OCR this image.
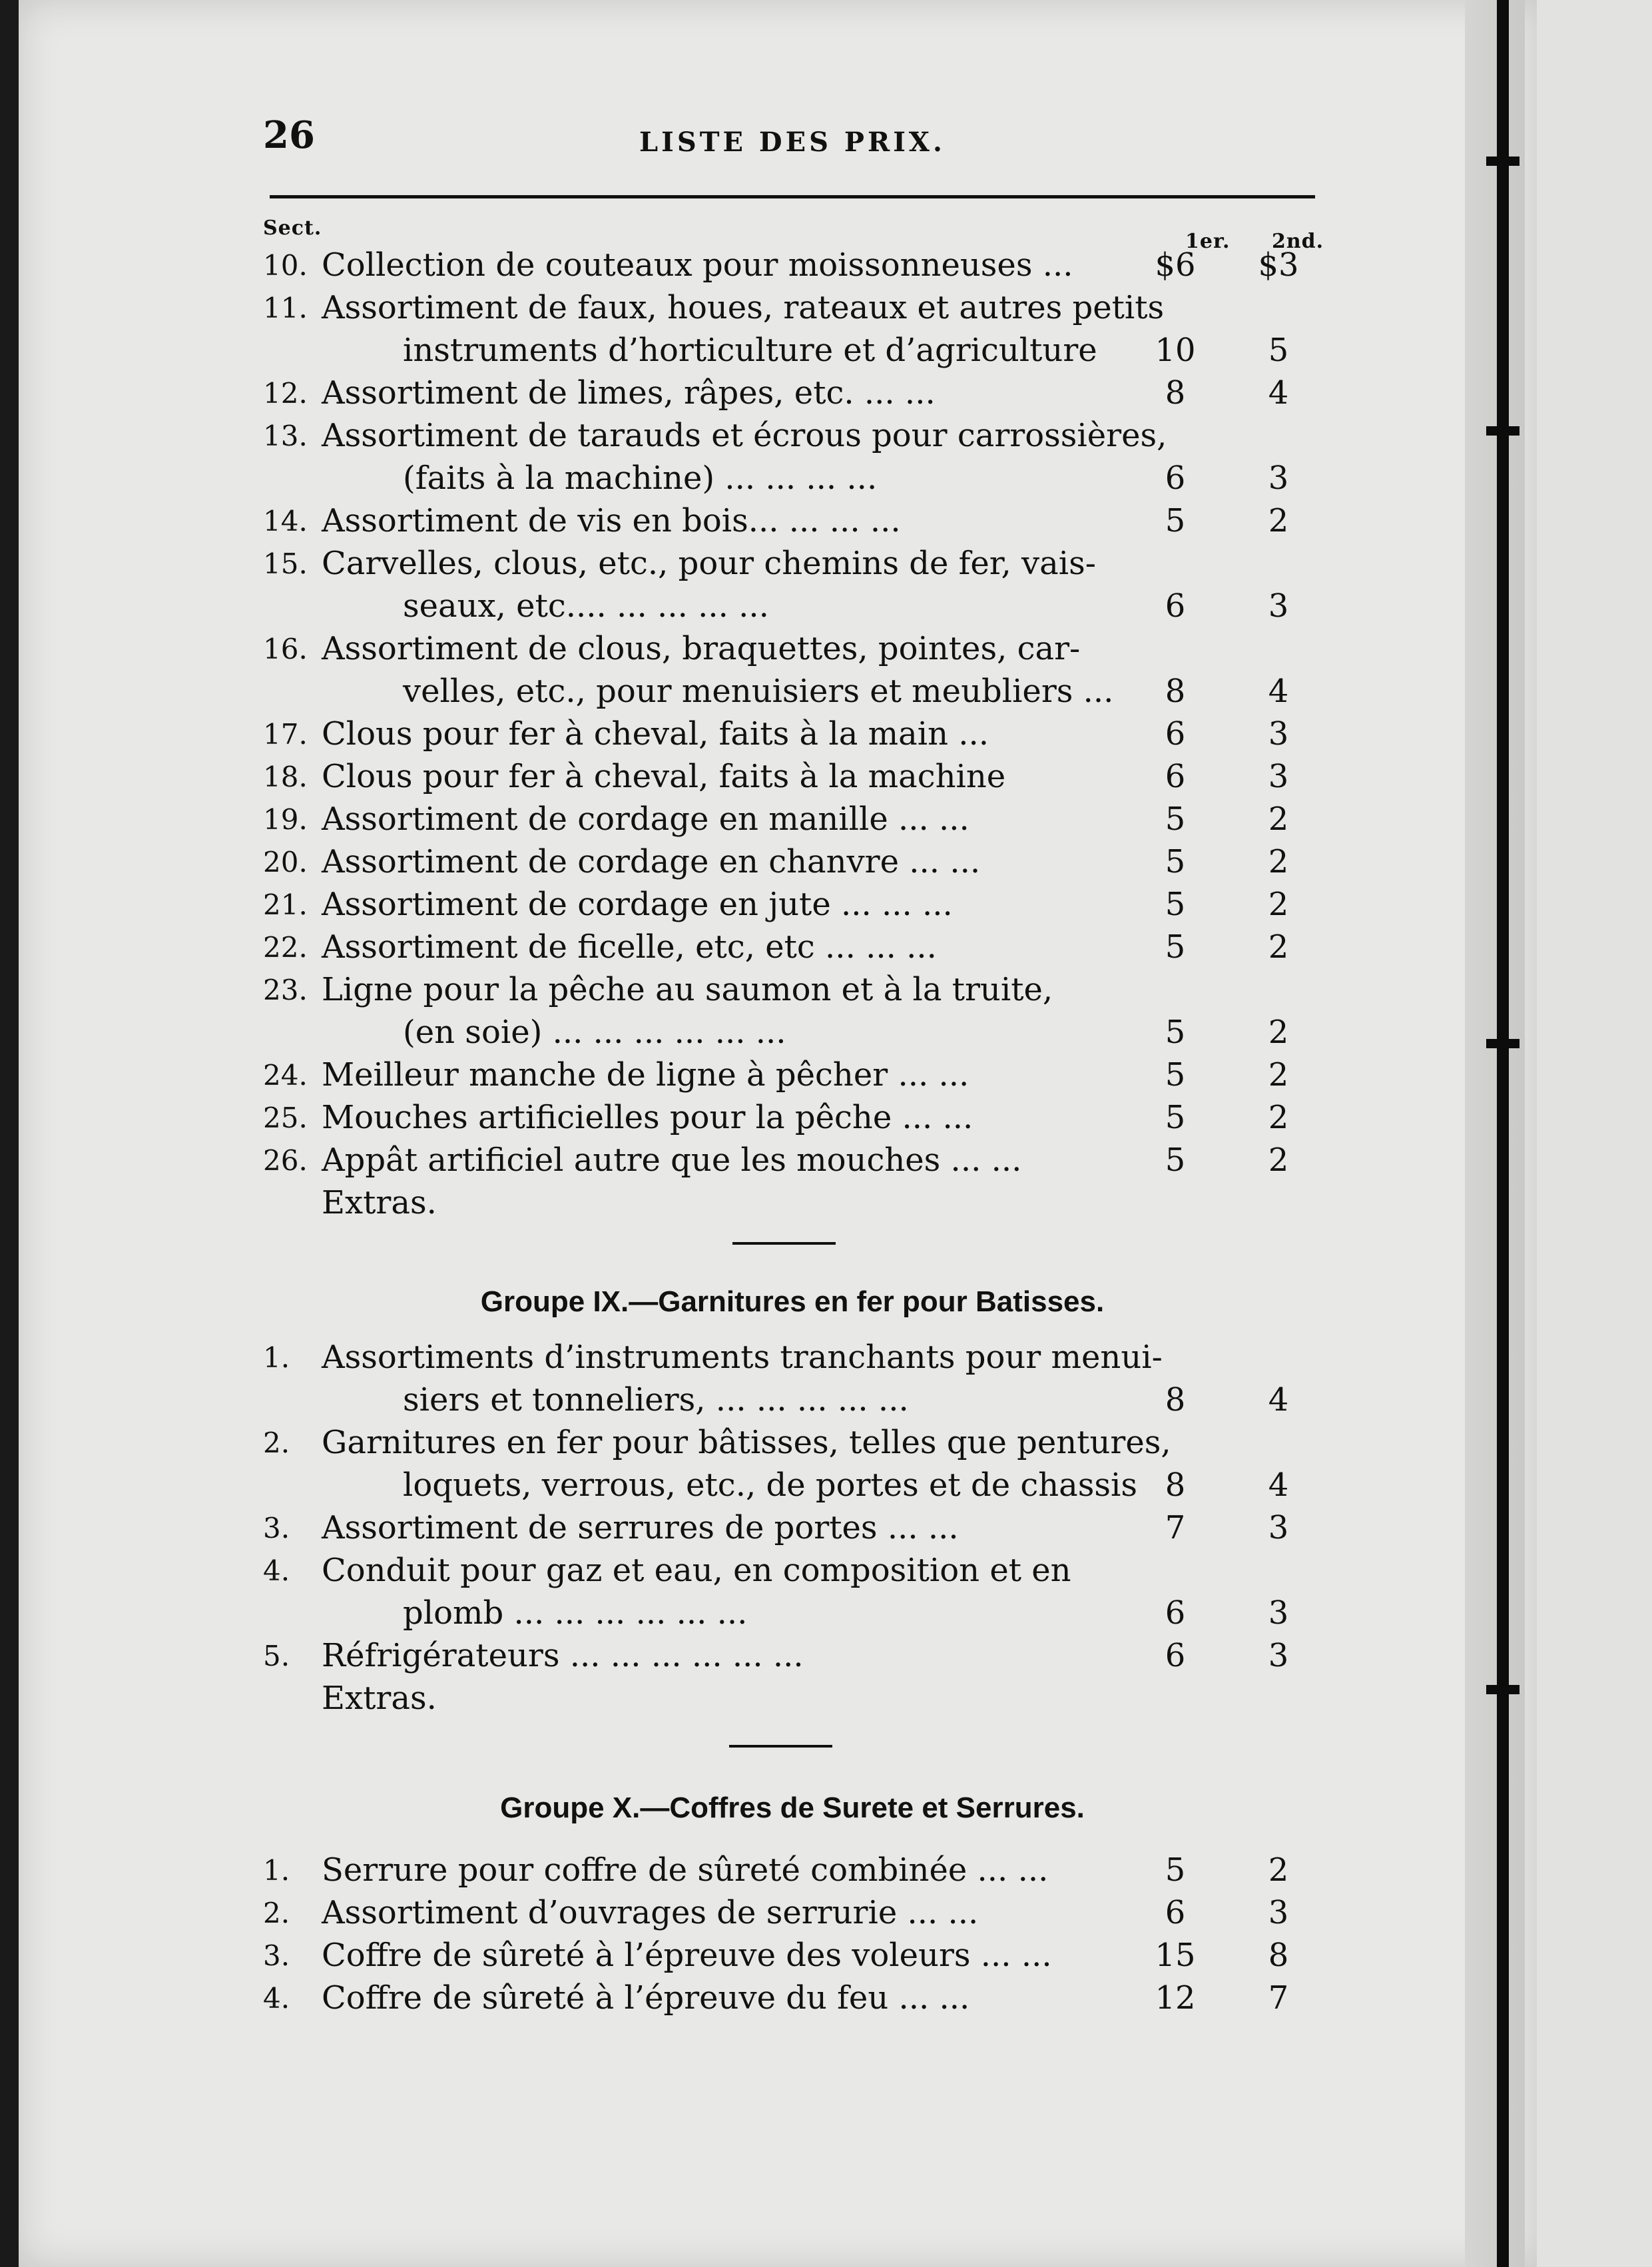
26	LISTE DES PRIX.
Sect.
1er. 2nd.
10. Collection de couteaux pour moissonneuses ...	$6	$3
11. Assortiment de faux, houes, rateaux et autres petits
instruments d’horticulture et d’agriculture	10	5
12. Assortiment de limes, râpes, etc. ... ...	8	4
13. Assortiment de tarauds et écrous pour carrossières,
(faits à la machine) ... ... ... ...	6	3
14. Assortiment de vis en bois... ... ... ...	5	2
15. Carvelles, clous, etc., pour chemins de fer, vais-
seaux, etc.... ... ... ... ...	6	3
16. Assortiment de clous, braquettes, pointes, car-
velles, etc., pour menuisiers et meubliers ...	8	4
17. Clous pour fer à cheval, faits à la main ...	6	3
18. Clous pour fer à cheval, faits à la machine	6	3
19. Assortiment de cordage en manille ... ...	5	2
20. Assortiment de cordage en chanvre ... ...	5	2
21. Assortiment de cordage en jute ... ... ...	5	2
22. Assortiment de ficelle, etc, etc ... ... ...	5	2
23. Ligne pour la pêche au saumon et à la truite,
(en soie) ... ... ... ... ... ...	5	2
24. Meilleur manche de ligne à pêcher ... ...	5	2
25. Mouches artificielles pour la pêche ... ...	5	2
26. Appât artificiel autre que les mouches ... ...	5	2
Extras.
Groupe IX.—Garnitures en fer pour Batisses.
1. Assortiments d’instruments tranchants pour menui-
siers et tonneliers, ... ... ... ... ...	8	4
2. Garnitures en fer pour bâtisses, telles que pentures,
loquets, verrous, etc., de portes et de chassis 8	4
3. Assortiment de serrures de portes ... ...	7	3
4. Conduit pour gaz et eau, en composition et en
plomb ... ... ... ... ... ...	6	3
5. Réfrigérateurs ... ... ... ... ... ...	6	3
Extras.
Groupe X.—Coffres de Surete et Serrures.
1. Serrure pour coffre de sûreté combinée ... ...	5	2
2. Assortiment d’ouvrages de serrurie ... ...	6	3
3. Coffre de sûreté à l’épreuve des voleurs ... ...	15	8
4. Coffre de sûreté à l’épreuve du feu ... ...	12	7
